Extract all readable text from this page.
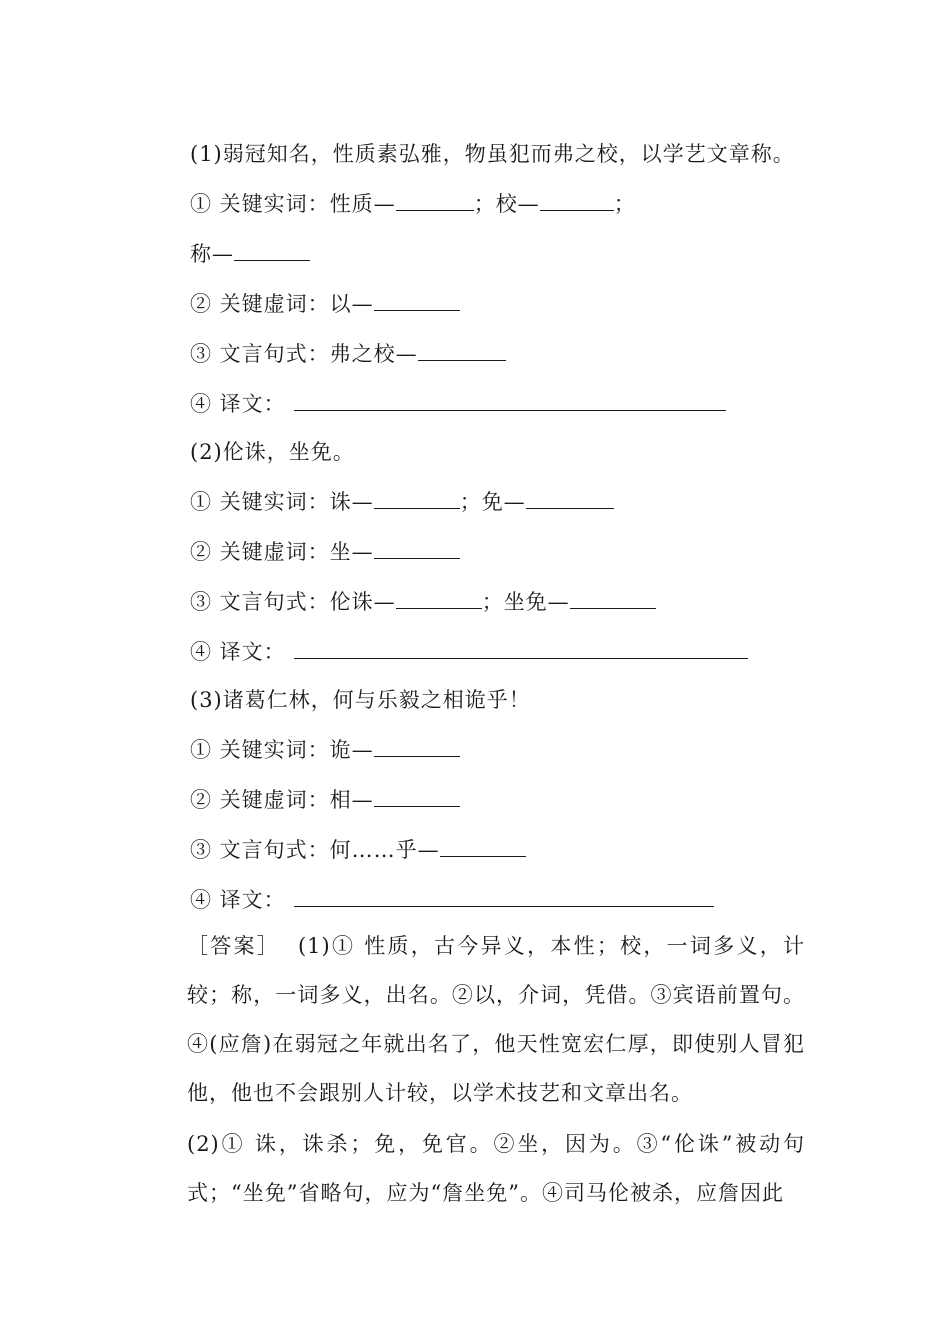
(1)弱冠知名，性质素弘雅，物虽犯而弗之校，以学艺文章称。
① 关键实词：性质—	；校—	；
称—
② 关键虚词：以—
③ 文言句式：弗之校—
④ 译文：
(2)伦诛，坐免。
① 关键实词：诛—	；免—
② 关键虚词：坐—
③ 文言句式：伦诛—	；坐免—
④ 译文：
(3)诸葛仁林，何与乐毅之相诡乎！
① 关键实词：诡—
② 关键虚词：相—
③ 文言句式：何……乎—
④ 译文：
［答案］ (1)① 性质，古今异义，本性；校，一词多义，计较；称，一词多义，出名。②以，介词，凭借。③宾语前置句。④(应詹)在弱冠之年就出名了，他天性宽宏仁厚，即使别人冒犯他，他也不会跟别人计较，以学术技艺和文章出名。
(2)① 诛，诛杀；免，免官。②坐，因为。③“伦诛”被动句式；“坐免”省略句，应为“詹坐免”。④司马伦被杀，应詹因此
